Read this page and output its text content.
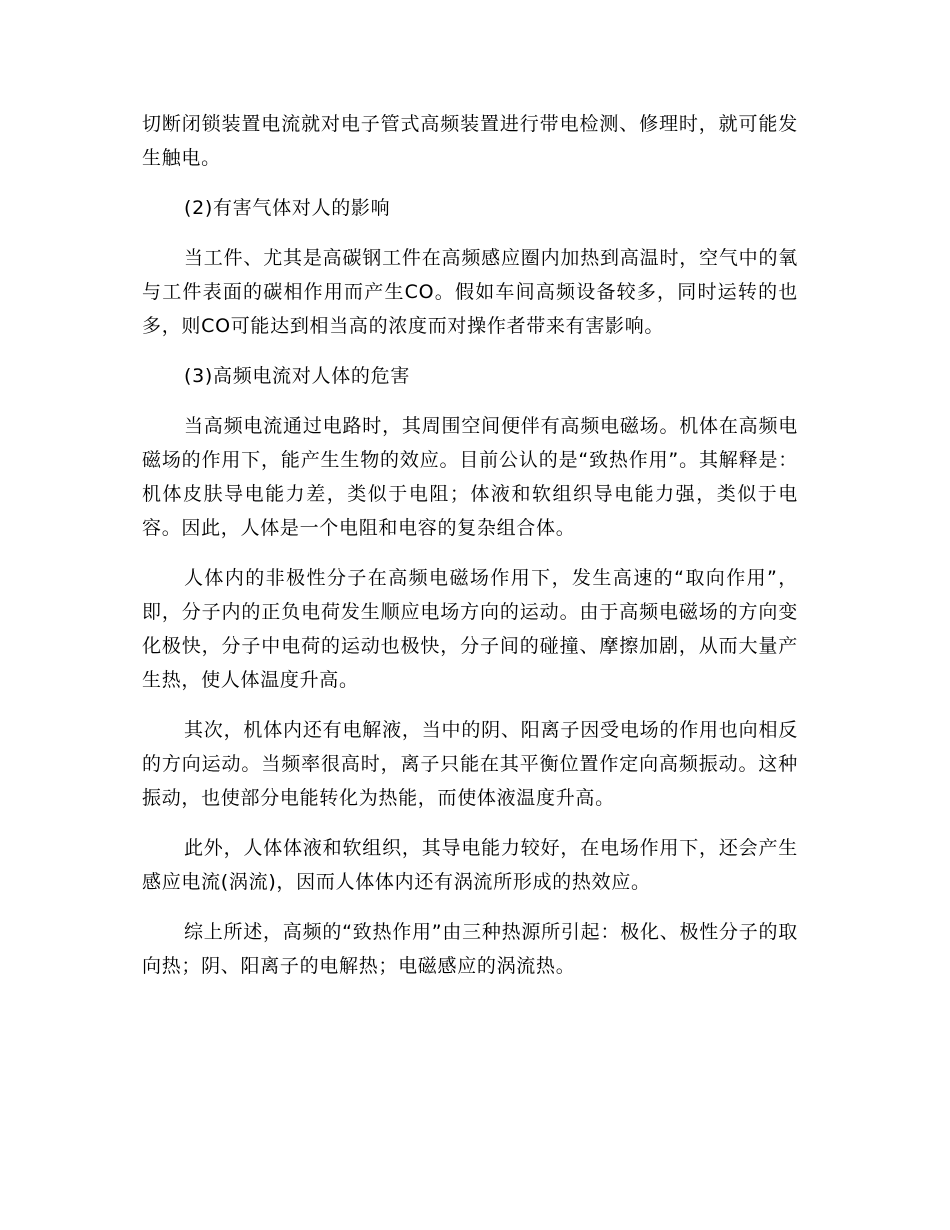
切断闭锁装置电流就对电子管式高频装置进行带电检测、修理时，就可能发生触电。

(2)有害气体对人的影响

当工件、尤其是高碳钢工件在高频感应圈内加热到高温时，空气中的氧与工件表面的碳相作用而产生CO。假如车间高频设备较多，同时运转的也多，则CO可能达到相当高的浓度而对操作者带来有害影响。

(3)高频电流对人体的危害

当高频电流通过电路时，其周围空间便伴有高频电磁场。机体在高频电磁场的作用下，能产生生物的效应。目前公认的是“致热作用”。其解释是：机体皮肤导电能力差，类似于电阻；体液和软组织导电能力强，类似于电容。因此，人体是一个电阻和电容的复杂组合体。

人体内的非极性分子在高频电磁场作用下，发生高速的“取向作用”，即，分子内的正负电荷发生顺应电场方向的运动。由于高频电磁场的方向变化极快，分子中电荷的运动也极快，分子间的碰撞、摩擦加剧，从而大量产生热，使人体温度升高。

其次，机体内还有电解液，当中的阴、阳离子因受电场的作用也向相反的方向运动。当频率很高时，离子只能在其平衡位置作定向高频振动。这种振动，也使部分电能转化为热能，而使体液温度升高。

此外，人体体液和软组织，其导电能力较好，在电场作用下，还会产生感应电流(涡流)，因而人体体内还有涡流所形成的热效应。

综上所述，高频的“致热作用”由三种热源所引起：极化、极性分子的取向热；阴、阳离子的电解热；电磁感应的涡流热。
